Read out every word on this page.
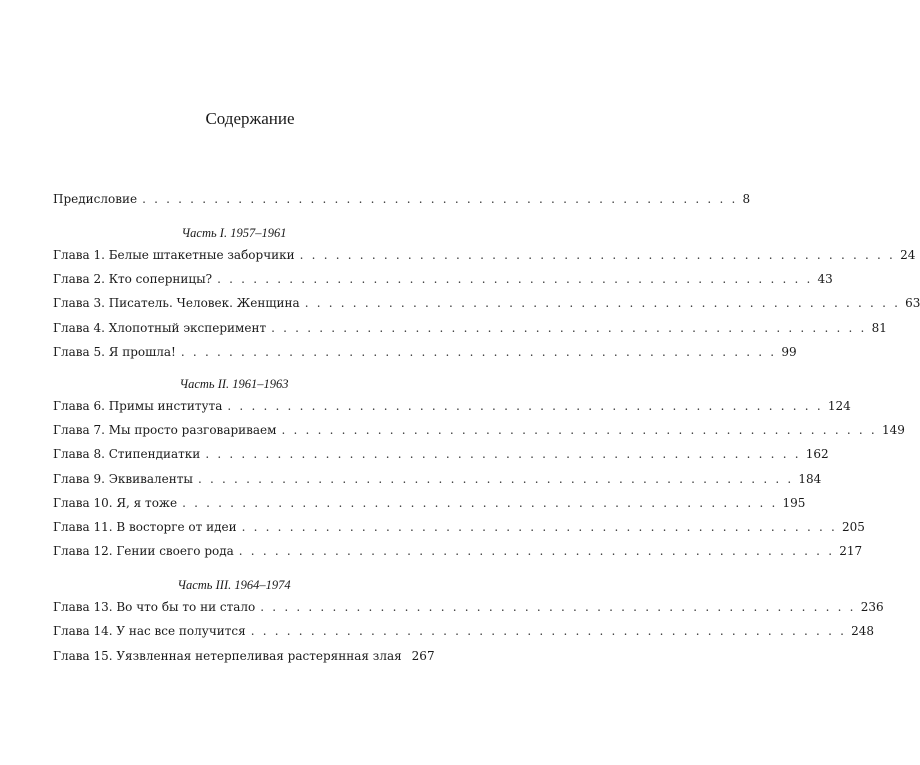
Содержание
Предисловие . . . . . . . . . . . . . . . . . . . . . . . . . . . . . . . . . . . . . . . . . . . . . . . . . . 8
Часть I. 1957–1961
Глава 1. Белые штакетные заборчики . . . . . . . . . . . . . . . . . . . . . . . . . . . . . . . . . . . . . . . . . . . . . . . . . . 24
Глава 2. Кто соперницы? . . . . . . . . . . . . . . . . . . . . . . . . . . . . . . . . . . . . . . . . . . . . . . . . . . 43
Глава 3. Писатель. Человек. Женщина . . . . . . . . . . . . . . . . . . . . . . . . . . . . . . . . . . . . . . . . . . . . . . . . . . 63
Глава 4. Хлопотный эксперимент . . . . . . . . . . . . . . . . . . . . . . . . . . . . . . . . . . . . . . . . . . . . . . . . . . 81
Глава 5. Я прошла! . . . . . . . . . . . . . . . . . . . . . . . . . . . . . . . . . . . . . . . . . . . . . . . . . . 99
Часть II. 1961–1963
Глава 6. Примы института . . . . . . . . . . . . . . . . . . . . . . . . . . . . . . . . . . . . . . . . . . . . . . . . . . 124
Глава 7. Мы просто разговариваем . . . . . . . . . . . . . . . . . . . . . . . . . . . . . . . . . . . . . . . . . . . . . . . . . . 149
Глава 8. Стипендиатки . . . . . . . . . . . . . . . . . . . . . . . . . . . . . . . . . . . . . . . . . . . . . . . . . . 162
Глава 9. Эквиваленты . . . . . . . . . . . . . . . . . . . . . . . . . . . . . . . . . . . . . . . . . . . . . . . . . . 184
Глава 10. Я, я тоже . . . . . . . . . . . . . . . . . . . . . . . . . . . . . . . . . . . . . . . . . . . . . . . . . . 195
Глава 11. В восторге от идеи . . . . . . . . . . . . . . . . . . . . . . . . . . . . . . . . . . . . . . . . . . . . . . . . . . 205
Глава 12. Гении своего рода . . . . . . . . . . . . . . . . . . . . . . . . . . . . . . . . . . . . . . . . . . . . . . . . . . 217
Часть III. 1964–1974
Глава 13. Во что бы то ни стало . . . . . . . . . . . . . . . . . . . . . . . . . . . . . . . . . . . . . . . . . . . . . . . . . . 236
Глава 14. У нас все получится . . . . . . . . . . . . . . . . . . . . . . . . . . . . . . . . . . . . . . . . . . . . . . . . . . 248
Глава 15. Уязвленная нетерпеливая растерянная злая 267
